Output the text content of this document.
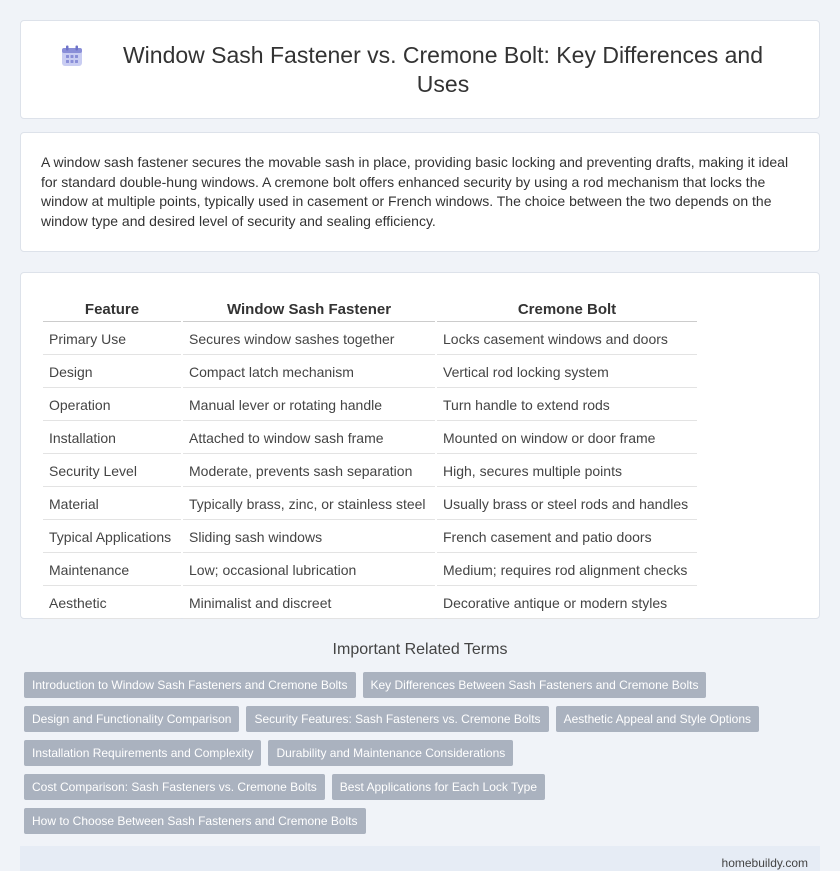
Window Sash Fastener vs. Cremone Bolt: Key Differences and Uses

A window sash fastener secures the movable sash in place, providing basic locking and preventing drafts, making it ideal for standard double-hung windows. A cremone bolt offers enhanced security by using a rod mechanism that locks the window at multiple points, typically used in casement or French windows. The choice between the two depends on the window type and desired level of security and sealing efficiency.

Feature	Window Sash Fastener	Cremone Bolt
Primary Use	Secures window sashes together	Locks casement windows and doors
Design	Compact latch mechanism	Vertical rod locking system
Operation	Manual lever or rotating handle	Turn handle to extend rods
Installation	Attached to window sash frame	Mounted on window or door frame
Security Level	Moderate, prevents sash separation	High, secures multiple points
Material	Typically brass, zinc, or stainless steel	Usually brass or steel rods and handles
Typical Applications	Sliding sash windows	French casement and patio doors
Maintenance	Low; occasional lubrication	Medium; requires rod alignment checks
Aesthetic	Minimalist and discreet	Decorative antique or modern styles
Important Related Terms
Introduction to Window Sash Fasteners and Cremone Bolts	Key Differences Between Sash Fasteners and Cremone Bolts
Design and Functionality Comparison	Security Features: Sash Fasteners vs. Cremone Bolts	Aesthetic Appeal and Style Options
Installation Requirements and Complexity	Durability and Maintenance Considerations
Cost Comparison: Sash Fasteners vs. Cremone Bolts	Best Applications for Each Lock Type
How to Choose Between Sash Fasteners and Cremone Bolts
homebuildy.com
